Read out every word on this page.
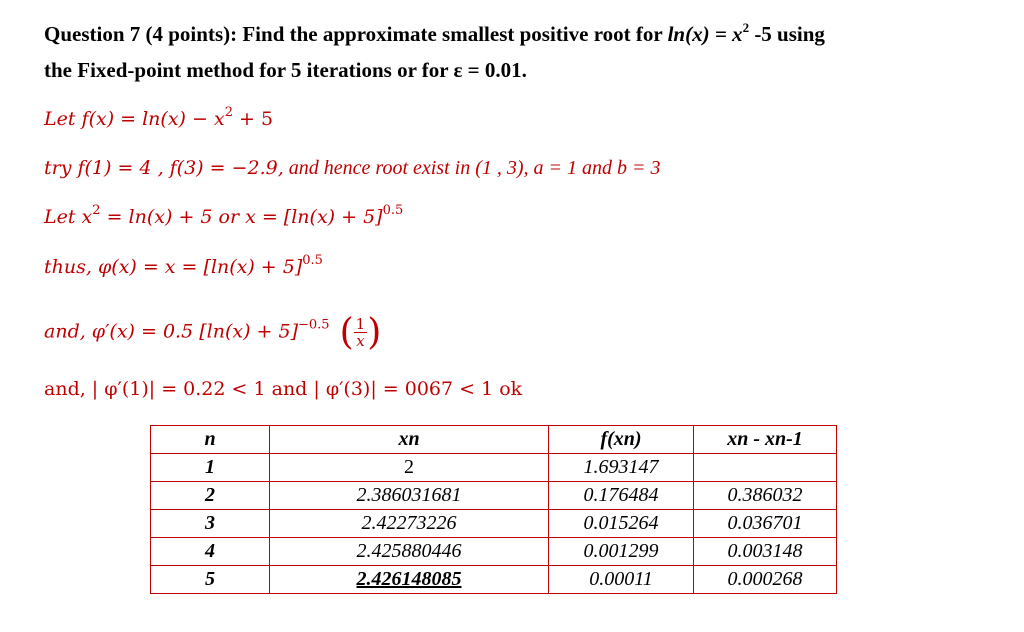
Question 7 (4 points): Find the approximate smallest positive root for $\ln(x) = x^2$ -5 using
the Fixed-point method for 5 iterations or for ε = 0.01.
Let $f(x) = \ln(x) - x^2 + 5$
try f(1) = 4 , f(3) = −2.9, and hence root exist in (1 , 3), a = 1 and b = 3
Let $x^2 = \ln(x) + 5$ or $x = [\ln(x) + 5]^{0.5}$
thus, $\varphi(x) = x = [\ln(x) + 5]^{0.5}$
and, φ′(x) = 0.5 $[\ln(x) + 5]^{-0.5}$ ( $\frac{1}{x}$ )
and, | φ′(1)| = 0.22 < 1 and | φ′(3)| = 0067 < 1 ok
n	xn	f(xn)	xn - xn-1
1	2	1.693147	
2	2.386031681	0.176484	0.386032
3	2.42273226	0.015264	0.036701
4	2.425880446	0.001299	0.003148
5	2.426148085	0.00011	0.000268
